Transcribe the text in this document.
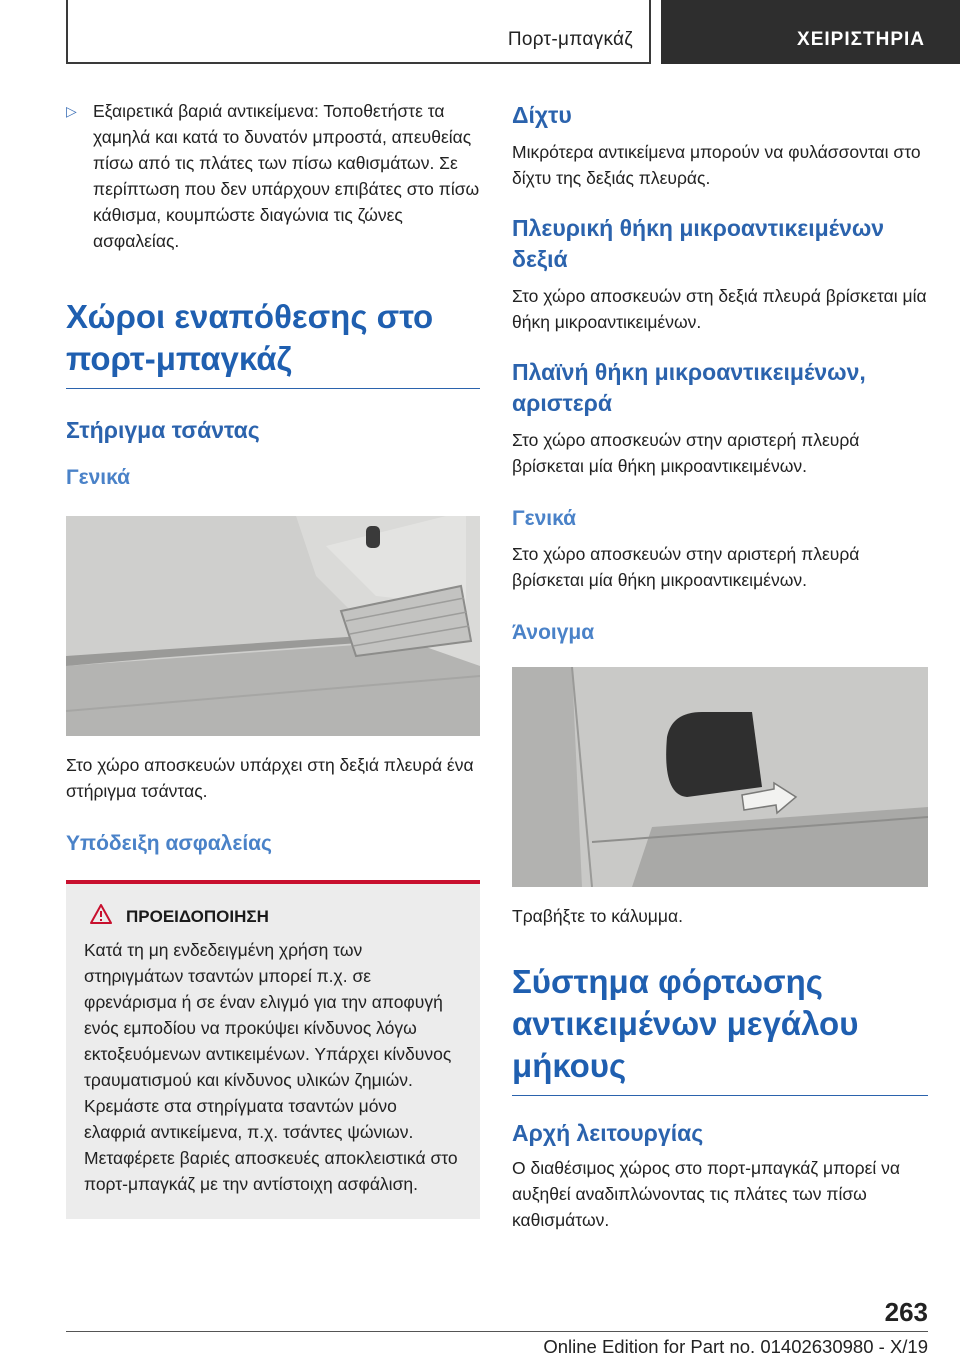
Πορτ-μπαγκάζ	ΧΕΙΡΙΣΤΗΡΙΑ
▷ Εξαιρετικά βαριά αντικείμενα: Τοποθετήστε τα χαμηλά και κατά το δυνατόν μπροστά, απευθείας πίσω από τις πλάτες των πίσω καθισμάτων. Σε περίπτωση που δεν υπάρχουν επιβάτες στο πίσω κάθισμα, κουμπώστε διαγώνια τις ζώνες ασφαλείας.
Χώροι εναπόθεσης στο πορτ-μπαγκάζ
Στήριγμα τσάντας
Γενικά
Στο χώρο αποσκευών υπάρχει στη δεξιά πλευρά ένα στήριγμα τσάντας.
Υπόδειξη ασφαλείας
ΠΡΟΕΙΔΟΠΟΙΗΣΗ
Κατά τη μη ενδεδειγμένη χρήση των στηριγμάτων τσαντών μπορεί π.χ. σε φρενάρισμα ή σε έναν ελιγμό για την αποφυγή ενός εμποδίου να προκύψει κίνδυνος λόγω εκτοξευόμενων αντικειμένων. Υπάρχει κίνδυνος τραυματισμού και κίνδυνος υλικών ζημιών. Κρεμάστε στα στηρίγματα τσαντών μόνο ελαφριά αντικείμενα, π.χ. τσάντες ψώνιων. Μεταφέρετε βαριές αποσκευές αποκλειστικά στο πορτ-μπαγκάζ με την αντίστοιχη ασφάλιση.
Δίχτυ
Μικρότερα αντικείμενα μπορούν να φυλάσσονται στο δίχτυ της δεξιάς πλευράς.
Πλευρική θήκη μικροαντικειμένων δεξιά
Στο χώρο αποσκευών στη δεξιά πλευρά βρίσκεται μία θήκη μικροαντικειμένων.
Πλαϊνή θήκη μικροαντικειμένων, αριστερά
Στο χώρο αποσκευών στην αριστερή πλευρά βρίσκεται μία θήκη μικροαντικειμένων.
Γενικά
Στο χώρο αποσκευών στην αριστερή πλευρά βρίσκεται μία θήκη μικροαντικειμένων.
Άνοιγμα
Τραβήξτε το κάλυμμα.
Σύστημα φόρτωσης αντικειμένων μεγάλου μήκους
Αρχή λειτουργίας
Ο διαθέσιμος χώρος στο πορτ-μπαγκάζ μπορεί να αυξηθεί αναδιπλώνοντας τις πλάτες των πίσω καθισμάτων.
263
Online Edition for Part no. 01402630980 - X/19
